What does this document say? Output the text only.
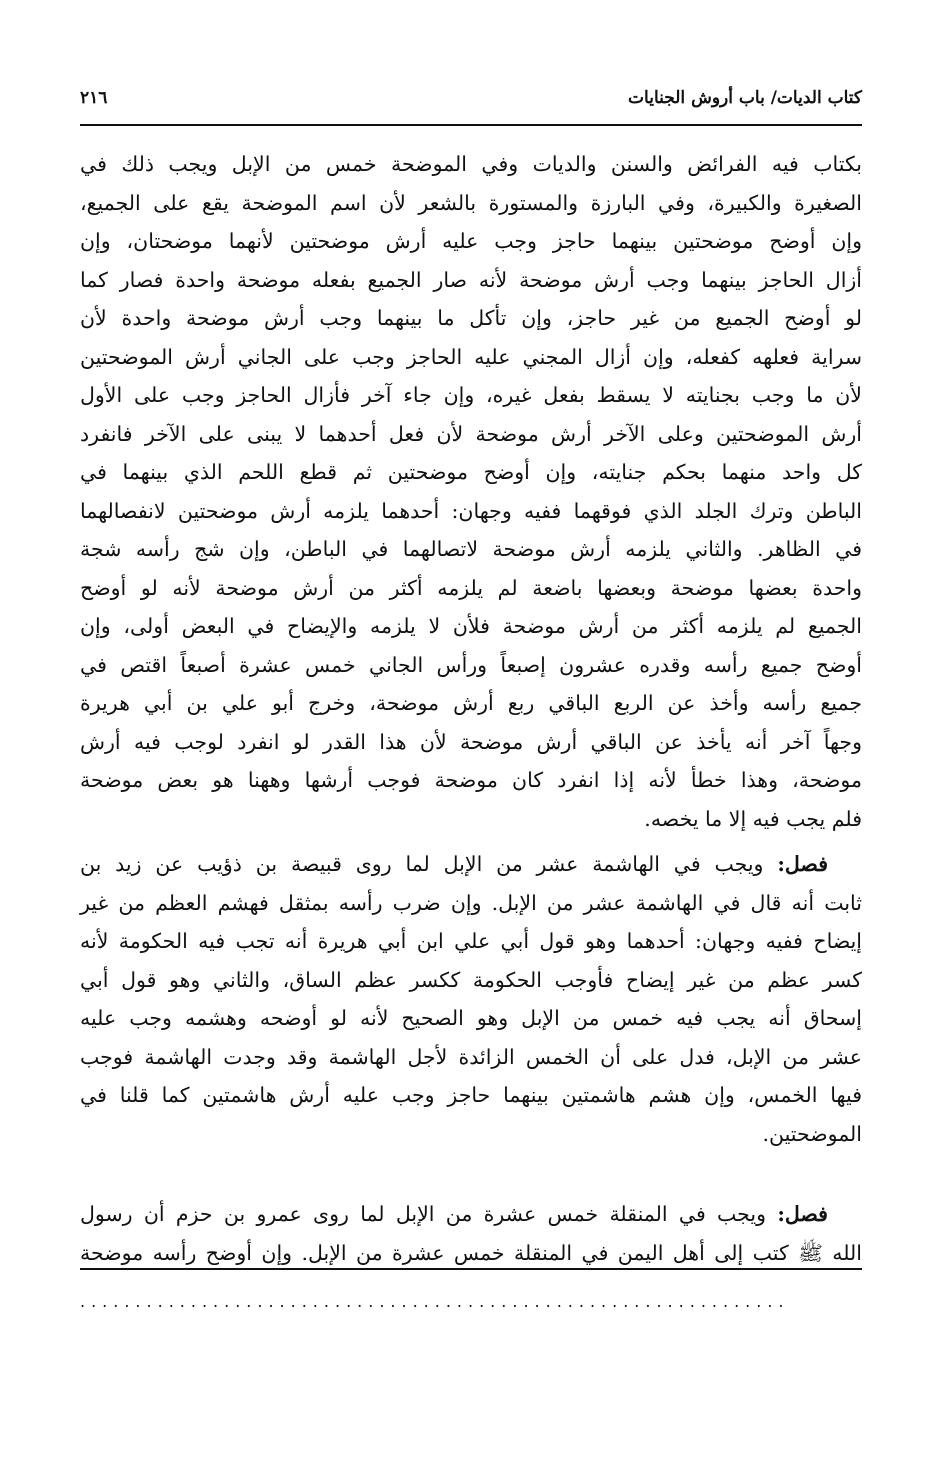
كتاب الديات/ باب أروش الجنايات
٢١٦
بكتاب فيه الفرائض والسنن والديات وفي الموضحة خمس من الإبل ويجب ذلك في
الصغيرة والكبيرة، وفي البارزة والمستورة بالشعر لأن اسم الموضحة يقع على الجميع،
وإن أوضح موضحتين بينهما حاجز وجب عليه أرش موضحتين لأنهما موضحتان، وإن
أزال الحاجز بينهما وجب أرش موضحة لأنه صار الجميع بفعله موضحة واحدة فصار كما
لو أوضح الجميع من غير حاجز، وإن تأكل ما بينهما وجب أرش موضحة واحدة لأن
سراية فعلهه كفعله، وإن أزال المجني عليه الحاجز وجب على الجاني أرش الموضحتين
لأن ما وجب بجنايته لا يسقط بفعل غيره، وإن جاء آخر فأزال الحاجز وجب على الأول
أرش الموضحتين وعلى الآخر أرش موضحة لأن فعل أحدهما لا يبنى على الآخر فانفرد
كل واحد منهما بحكم جنايته، وإن أوضح موضحتين ثم قطع اللحم الذي بينهما في
الباطن وترك الجلد الذي فوقهما ففيه وجهان: أحدهما يلزمه أرش موضحتين لانفصالهما
في الظاهر. والثاني يلزمه أرش موضحة لاتصالهما في الباطن، وإن شج رأسه شجة
واحدة بعضها موضحة وبعضها باضعة لم يلزمه أكثر من أرش موضحة لأنه لو أوضح
الجميع لم يلزمه أكثر من أرش موضحة فلأن لا يلزمه والإيضاح في البعض أولى، وإن
أوضح جميع رأسه وقدره عشرون إصبعاً ورأس الجاني خمس عشرة أصبعاً اقتص في
جميع رأسه وأخذ عن الربع الباقي ربع أرش موضحة، وخرج أبو علي بن أبي هريرة
وجهاً آخر أنه يأخذ عن الباقي أرش موضحة لأن هذا القدر لو انفرد لوجب فيه أرش
موضحة، وهذا خطأ لأنه إذا انفرد كان موضحة فوجب أرشها وههنا هو بعض موضحة
فلم يجب فيه إلا ما يخصه.
فصل: ويجب في الهاشمة عشر من الإبل لما روى قبيصة بن ذؤيب عن زيد بن
ثابت أنه قال في الهاشمة عشر من الإبل. وإن ضرب رأسه بمثقل فهشم العظم من غير
إيضاح ففيه وجهان: أحدهما وهو قول أبي علي ابن أبي هريرة أنه تجب فيه الحكومة لأنه
كسر عظم من غير إيضاح فأوجب الحكومة ككسر عظم الساق، والثاني وهو قول أبي
إسحاق أنه يجب فيه خمس من الإبل وهو الصحيح لأنه لو أوضحه وهشمه وجب عليه
عشر من الإبل، فدل على أن الخمس الزائدة لأجل الهاشمة وقد وجدت الهاشمة فوجب
فيها الخمس، وإن هشم هاشمتين بينهما حاجز وجب عليه أرش هاشمتين كما قلنا في
الموضحتين.
فصل: ويجب في المنقلة خمس عشرة من الإبل لما روى عمرو بن حزم أن رسول
الله ﷺ كتب إلى أهل اليمن في المنقلة خمس عشرة من الإبل. وإن أوضح رأسه موضحة
................................................................
